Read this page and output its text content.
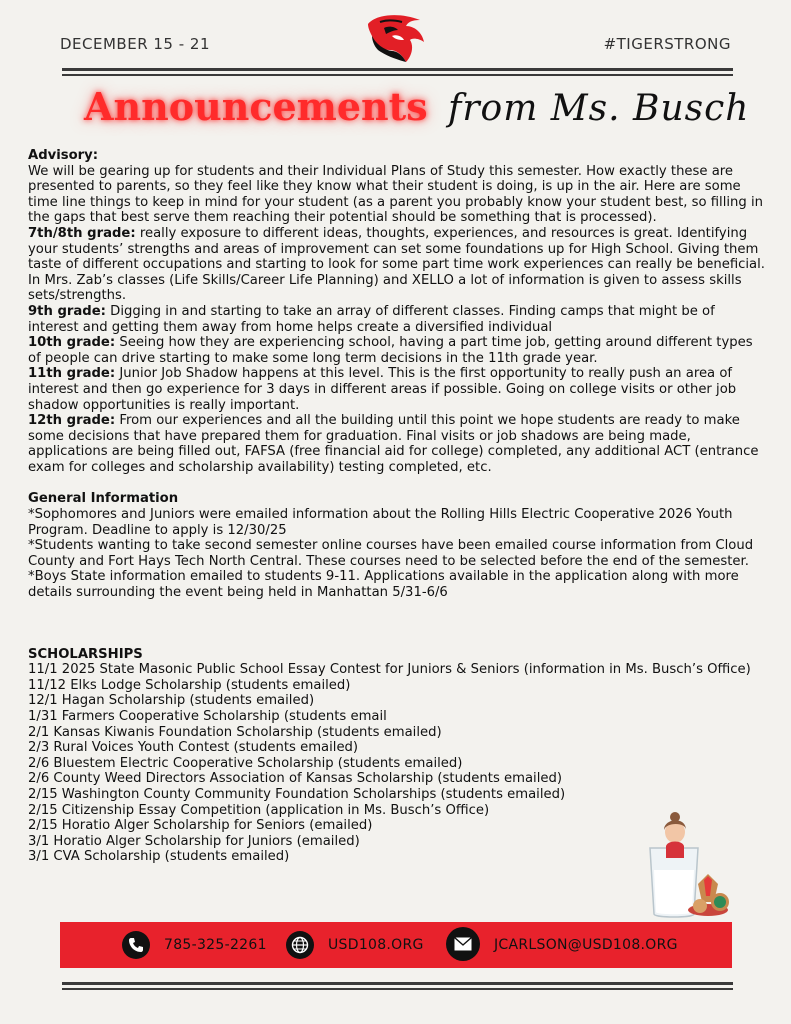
DECEMBER 15 - 21	#TIGERSTRONG
Announcements from Ms. Busch

Advisory:
We will be gearing up for students and their Individual Plans of Study this semester. How exactly these are presented to parents, so they feel like they know what their student is doing, is up in the air. Here are some time line things to keep in mind for your student (as a parent you probably know your student best, so filling in the gaps that best serve them reaching their potential should be something that is processed).

7th/8th grade: really exposure to different ideas, thoughts, experiences, and resources is great. Identifying your students’ strengths and areas of improvement can set some foundations up for High School. Giving them taste of different occupations and starting to look for some part time work experiences can really be beneficial. In Mrs. Zab’s classes (Life Skills/Career Life Planning) and XELLO a lot of information is given to assess skills sets/strengths.

9th grade: Digging in and starting to take an array of different classes. Finding camps that might be of interest and getting them away from home helps create a diversified individual

10th grade: Seeing how they are experiencing school, having a part time job, getting around different types of people can drive starting to make some long term decisions in the 11th grade year.

11th grade: Junior Job Shadow happens at this level. This is the first opportunity to really push an area of interest and then go experience for 3 days in different areas if possible. Going on college visits or other job shadow opportunities is really important.

12th grade: From our experiences and all the building until this point we hope students are ready to make some decisions that have prepared them for graduation. Final visits or job shadows are being made, applications are being filled out, FAFSA (free financial aid for college) completed, any additional ACT (entrance exam for colleges and scholarship availability) testing completed, etc.

General Information

*Sophomores and Juniors were emailed information about the Rolling Hills Electric Cooperative 2026 Youth Program. Deadline to apply is 12/30/25

*Students wanting to take second semester online courses have been emailed course information from Cloud County and Fort Hays Tech North Central. These courses need to be selected before the end of the semester.

*Boys State information emailed to students 9-11. Applications available in the application along with more details surrounding the event being held in Manhattan 5/31-6/6

SCHOLARSHIPS

11/1 2025 State Masonic Public School Essay Contest for Juniors & Seniors (information in Ms. Busch’s Office)

11/12 Elks Lodge Scholarship (students emailed)

12/1 Hagan Scholarship (students emailed)

1/31 Farmers Cooperative Scholarship (students email

2/1 Kansas Kiwanis Foundation Scholarship (students emailed)

2/3 Rural Voices Youth Contest (students emailed)

2/6 Bluestem Electric Cooperative Scholarship (students emailed)

2/6 County Weed Directors Association of Kansas Scholarship (students emailed)

2/15 Washington County Community Foundation Scholarships (students emailed)

2/15 Citizenship Essay Competition (application in Ms. Busch’s Office)

2/15 Horatio Alger Scholarship for Seniors (emailed)

3/1 Horatio Alger Scholarship for Juniors (emailed)

3/1 CVA Scholarship (students emailed)

785-325-2261	USD108.ORG	JCARLSON@USD108.ORG
